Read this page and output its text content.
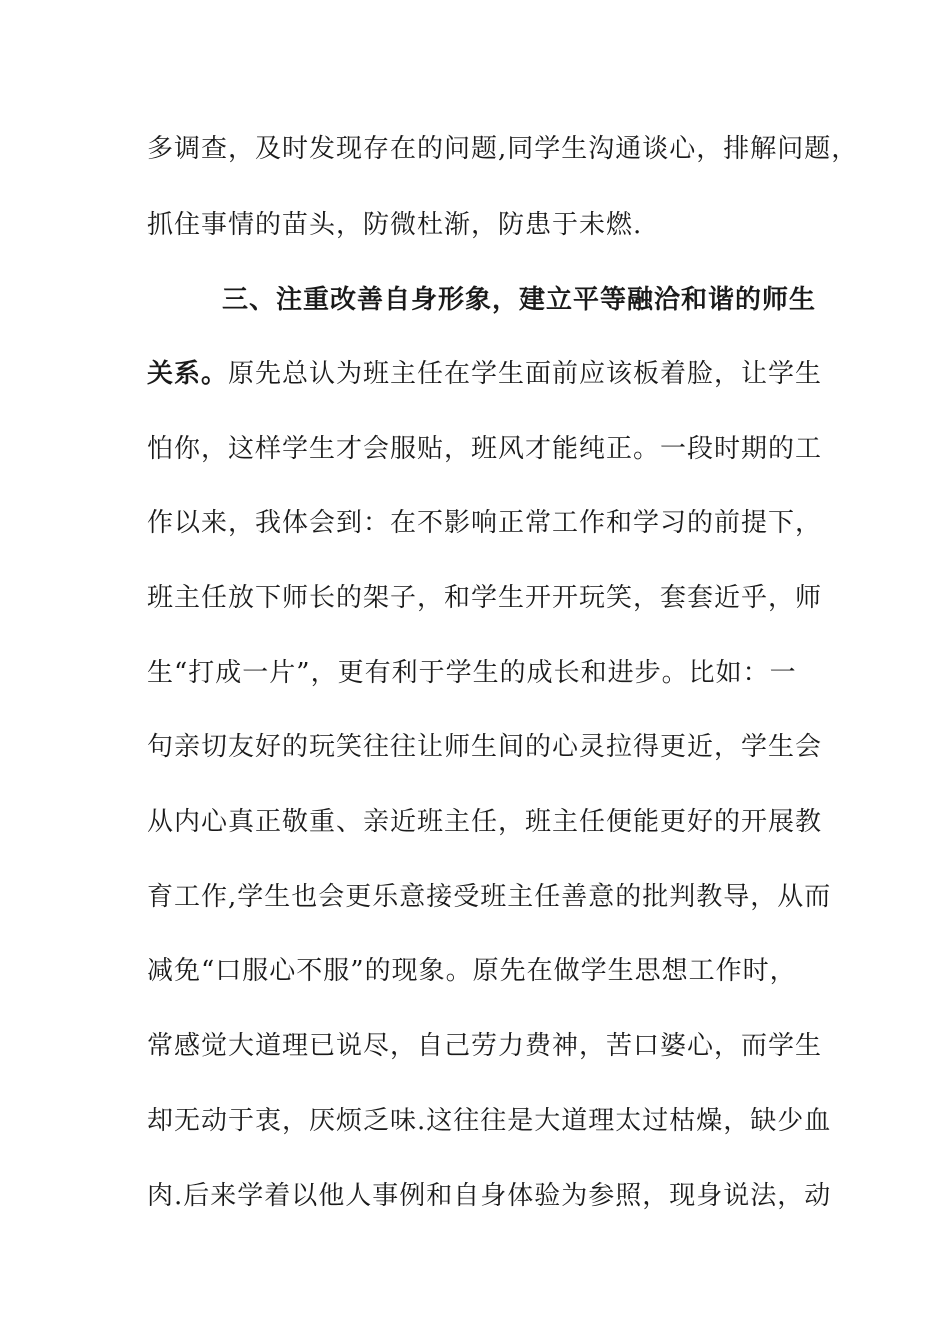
多调查，及时发现存在的问题,同学生沟通谈心，排解问题，
抓住事情的苗头，防微杜渐，防患于未燃.
三、注重改善自身形象，建立平等融洽和谐的师生
关系。原先总认为班主任在学生面前应该板着脸，让学生
怕你，这样学生才会服贴，班风才能纯正。一段时期的工
作以来，我体会到：在不影响正常工作和学习的前提下，
班主任放下师长的架子，和学生开开玩笑，套套近乎，师
生“打成一片”，更有利于学生的成长和进步。比如：一
句亲切友好的玩笑往往让师生间的心灵拉得更近，学生会
从内心真正敬重、亲近班主任，班主任便能更好的开展教
育工作,学生也会更乐意接受班主任善意的批判教导，从而
减免“口服心不服”的现象。原先在做学生思想工作时，
常感觉大道理已说尽，自己劳力费神，苦口婆心，而学生
却无动于衷，厌烦乏味.这往往是大道理太过枯燥，缺少血
肉.后来学着以他人事例和自身体验为参照，现身说法，动
